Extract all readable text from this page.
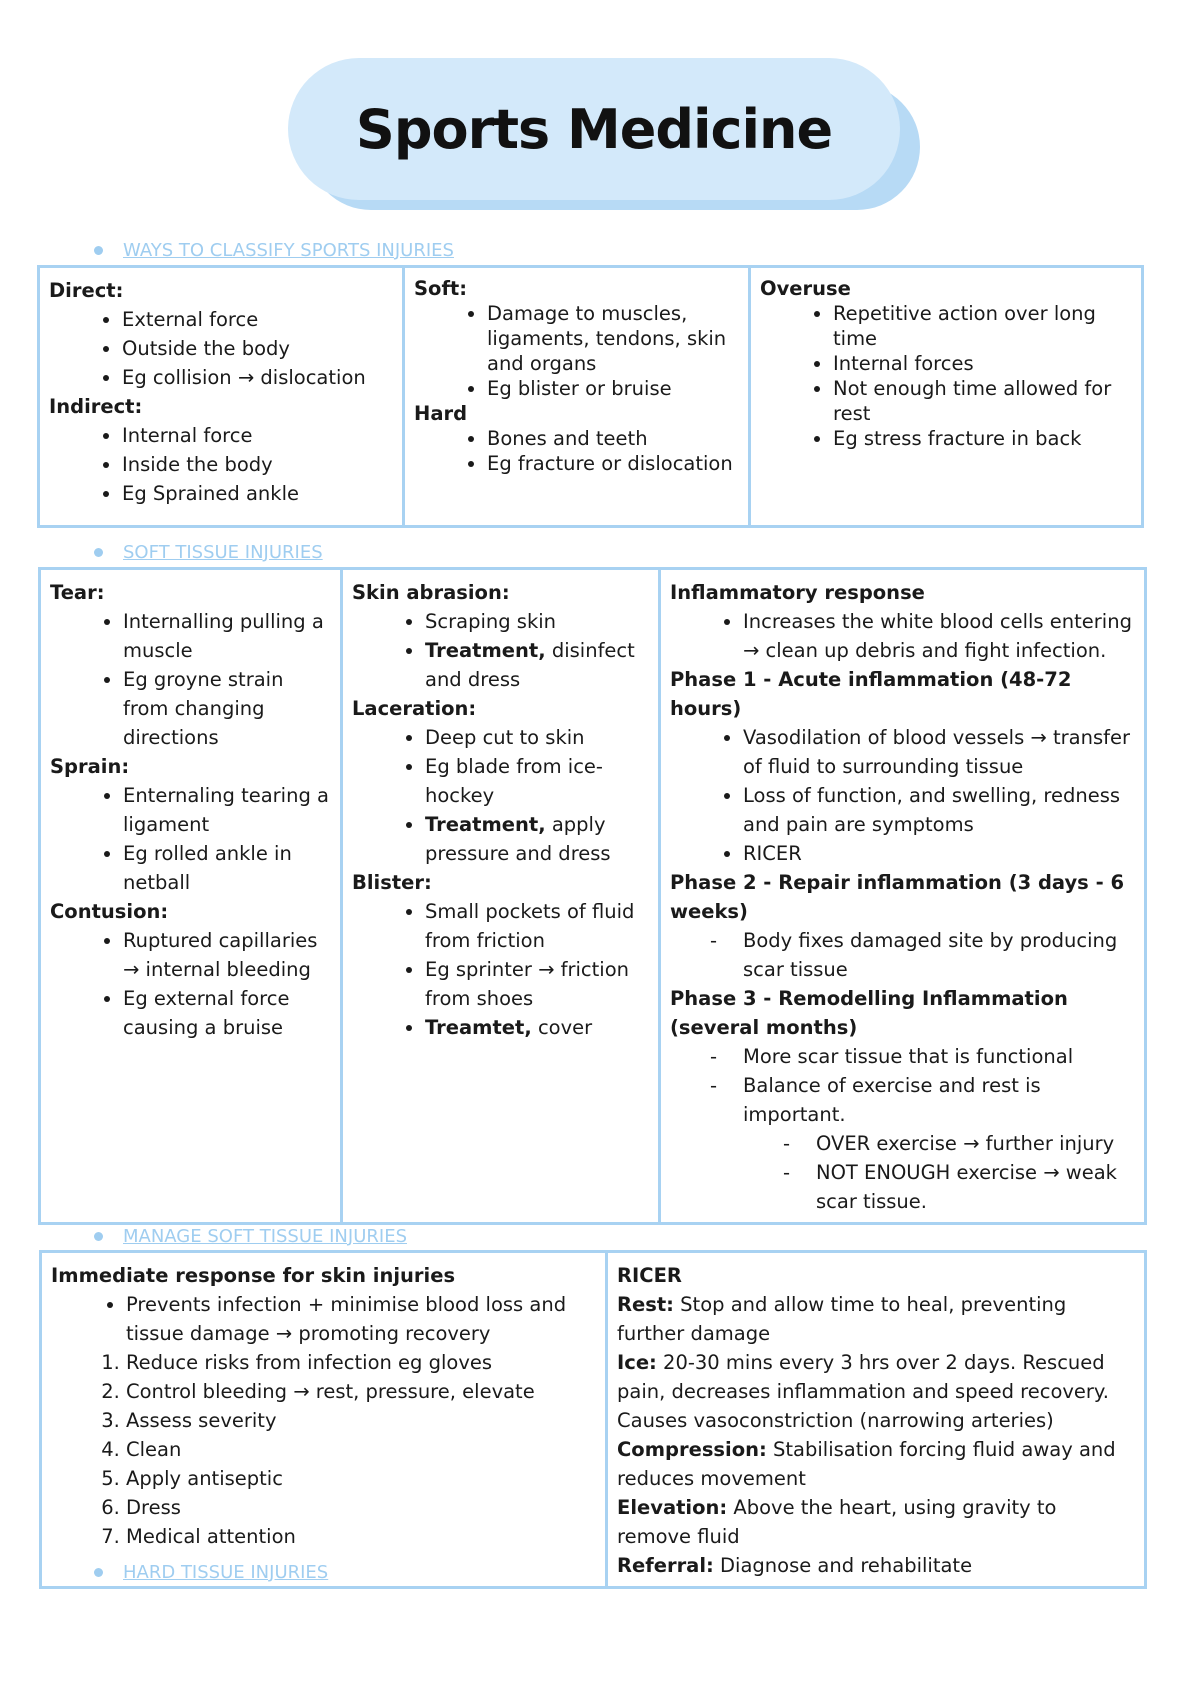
Sports Medicine
WAYS TO CLASSIFY SPORTS INJURIES
Direct:
• External force
• Outside the body
• Eg collision → dislocation
Indirect:
• Internal force
• Inside the body
• Eg Sprained ankle

Soft:
• Damage to muscles, ligaments, tendons, skin and organs
• Eg blister or bruise
Hard
• Bones and teeth
• Eg fracture or dislocation

Overuse
• Repetitive action over long time
• Internal forces
• Not enough time allowed for rest
• Eg stress fracture in back
SOFT TISSUE INJURIES
Tear:
• Internalling pulling a muscle
• Eg groyne strain from changing directions
Sprain:
• Enternaling tearing a ligament
• Eg rolled ankle in netball
Contusion:
• Ruptured capillaries → internal bleeding
• Eg external force causing a bruise

Skin abrasion:
• Scraping skin
• Treatment, disinfect and dress
Laceration:
• Deep cut to skin
• Eg blade from ice-hockey
• Treatment, apply pressure and dress
Blister:
• Small pockets of fluid from friction
• Eg sprinter → friction from shoes
• Treamtet, cover

Inflammatory response
• Increases the white blood cells entering → clean up debris and fight infection.
Phase 1 - Acute inflammation (48-72 hours)
• Vasodilation of blood vessels → transfer of fluid to surrounding tissue
• Loss of function, and swelling, redness and pain are symptoms
• RICER
Phase 2 - Repair inflammation (3 days - 6 weeks)
- Body fixes damaged site by producing scar tissue
Phase 3 - Remodelling Inflammation (several months)
- More scar tissue that is functional
- Balance of exercise and rest is important.
- OVER exercise → further injury
- NOT ENOUGH exercise → weak scar tissue.
MANAGE SOFT TISSUE INJURIES
Immediate response for skin injuries
• Prevents infection + minimise blood loss and tissue damage → promoting recovery
1. Reduce risks from infection eg gloves
2. Control bleeding → rest, pressure, elevate
3. Assess severity
4. Clean
5. Apply antiseptic
6. Dress
7. Medical attention

RICER
Rest: Stop and allow time to heal, preventing further damage
Ice: 20-30 mins every 3 hrs over 2 days. Rescued pain, decreases inflammation and speed recovery. Causes vasoconstriction (narrowing arteries)
Compression: Stabilisation forcing fluid away and reduces movement
Elevation: Above the heart, using gravity to remove fluid
Referral: Diagnose and rehabilitate
HARD TISSUE INJURIES
